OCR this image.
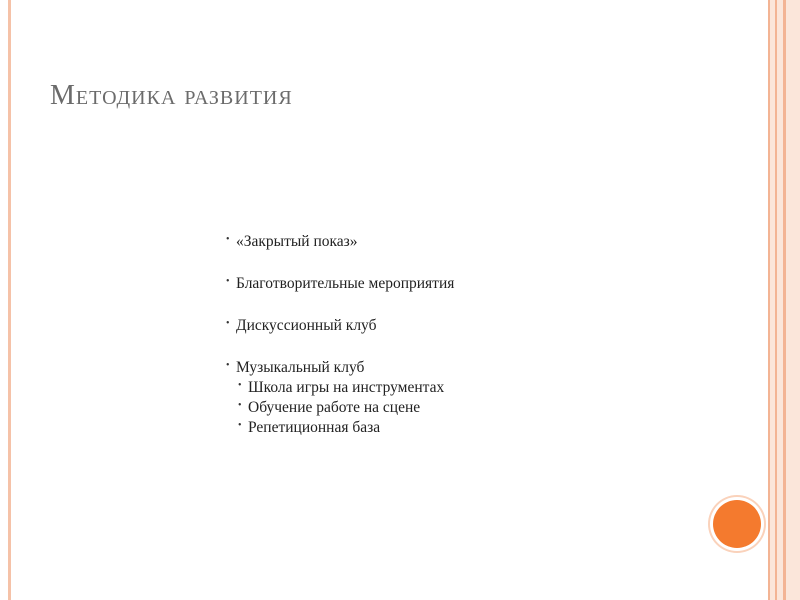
Методика развития
• «Закрытый показ»
• Благотворительные мероприятия
• Дискуссионный клуб
• Музыкальный клуб
• Школа игры на инструментах
• Обучение работе на сцене
• Репетиционная база
